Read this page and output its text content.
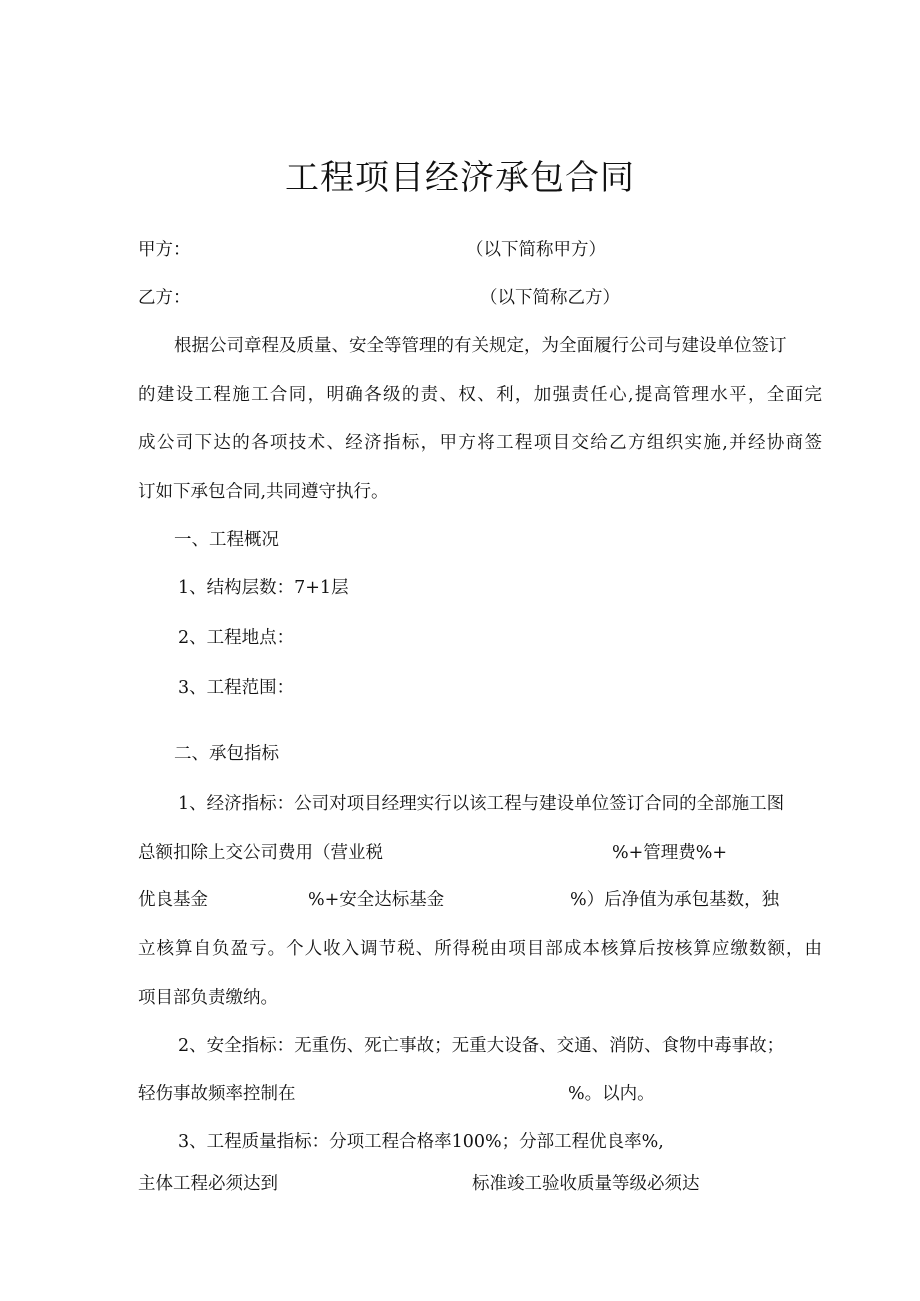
工程项目经济承包合同
甲方：	（以下简称甲方）
乙方：	（以下简称乙方）
根据公司章程及质量、安全等管理的有关规定，为全面履行公司与建设单位签订
的建设工程施工合同，明确各级的责、权、利，加强责任心,提高管理水平，全面完
成公司下达的各项技术、经济指标，甲方将工程项目交给乙方组织实施,并经协商签
订如下承包合同,共同遵守执行。
一、工程概况
1、结构层数：7+1层
2、工程地点：
3、工程范围：
二、承包指标
1、经济指标：公司对项目经理实行以该工程与建设单位签订合同的全部施工图
总额扣除上交公司费用（营业税	%+管理费%+
优良基金	%+安全达标基金	%）后净值为承包基数，独
立核算自负盈亏。个人收入调节税、所得税由项目部成本核算后按核算应缴数额，由
项目部负责缴纳。
2、安全指标：无重伤、死亡事故；无重大设备、交通、消防、食物中毒事故；
轻伤事故频率控制在	%。以内。
3、工程质量指标：分项工程合格率100%；分部工程优良率%,
主体工程必须达到	标准竣工验收质量等级必须达
